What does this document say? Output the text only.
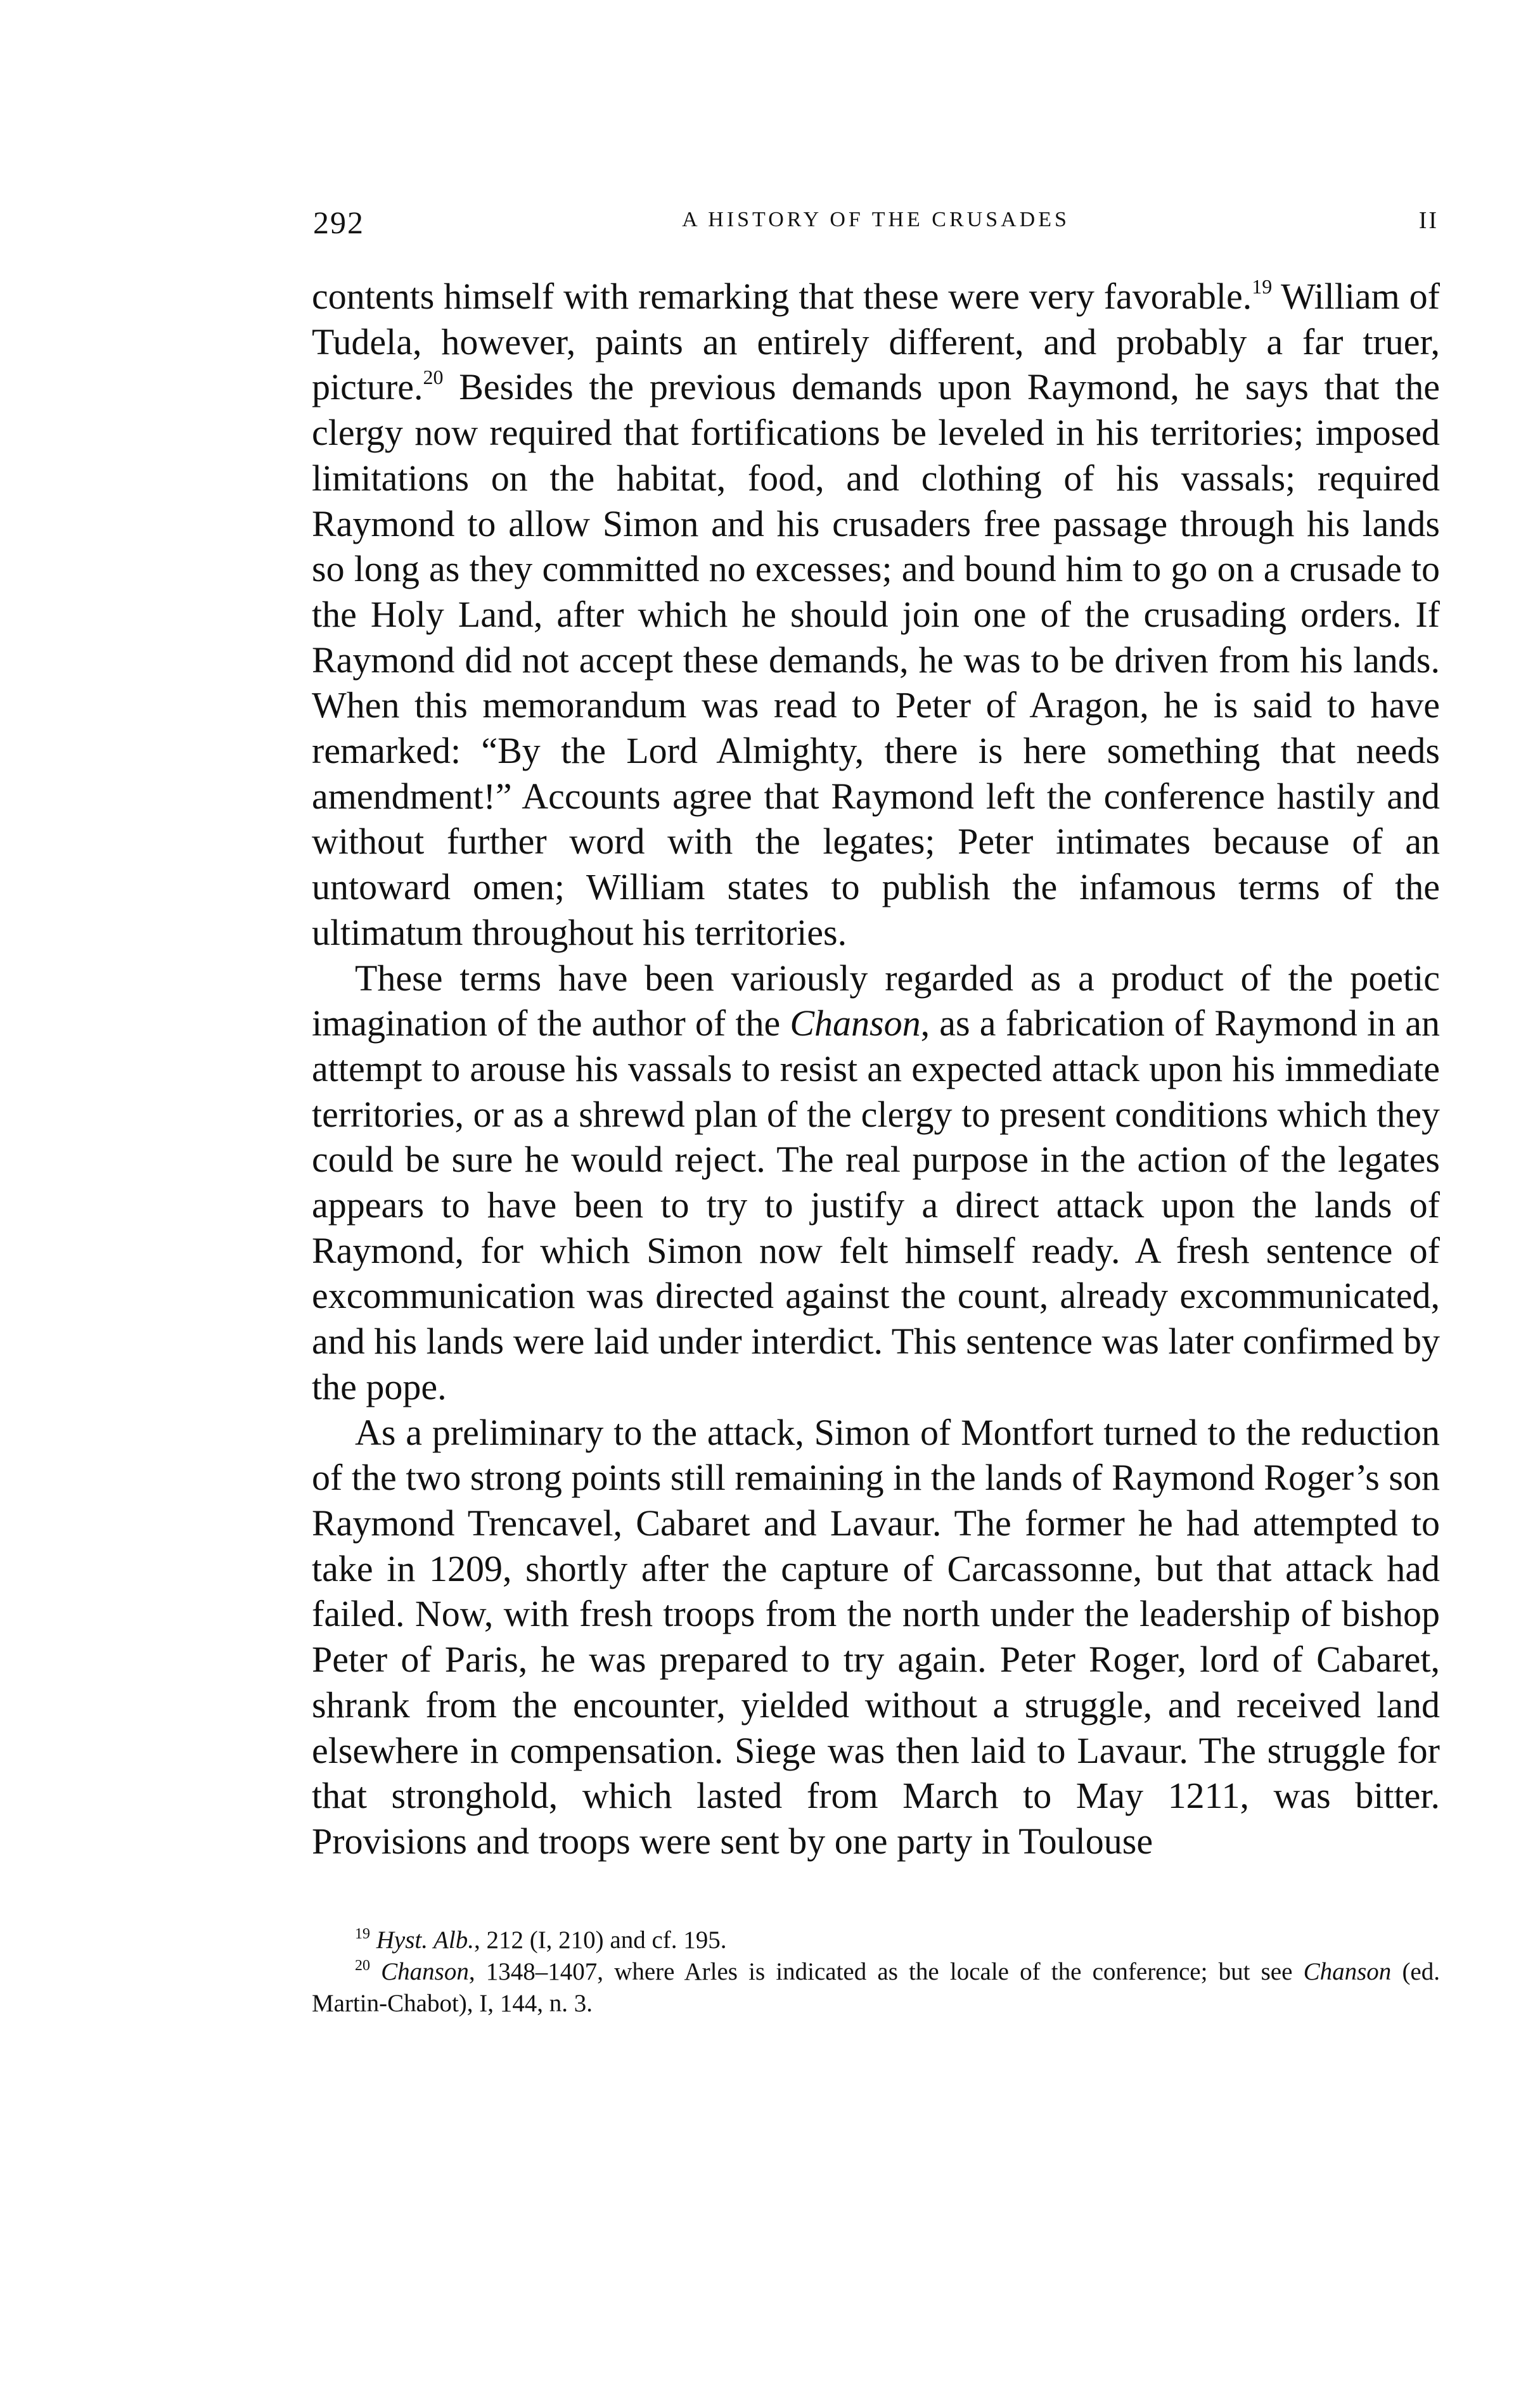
292	A HISTORY OF THE CRUSADES	II

contents himself with remarking that these were very favorable.$^{19}$ William of Tudela, however, paints an entirely different, and probably a far truer, picture.$^{20}$ Besides the previous demands upon Raymond, he says that the clergy now required that fortifications be leveled in his territories; imposed limitations on the habitat, food, and clothing of his vassals; required Raymond to allow Simon and his crusaders free passage through his lands so long as they committed no excesses; and bound him to go on a crusade to the Holy Land, after which he should join one of the crusading orders. If Raymond did not accept these demands, he was to be driven from his lands. When this memorandum was read to Peter of Aragon, he is said to have remarked: “By the Lord Almighty, there is here something that needs amendment!” Accounts agree that Raymond left the conference hastily and without further word with the legates; Peter intimates because of an untoward omen; William states to publish the infamous terms of the ultimatum throughout his territories.

These terms have been variously regarded as a product of the poetic imagination of the author of the Chanson, as a fabrication of Raymond in an attempt to arouse his vassals to resist an expected attack upon his immediate territories, or as a shrewd plan of the clergy to present conditions which they could be sure he would reject. The real purpose in the action of the legates appears to have been to try to justify a direct attack upon the lands of Raymond, for which Simon now felt himself ready. A fresh sentence of excommunication was directed against the count, already excommunicated, and his lands were laid under interdict. This sentence was later confirmed by the pope.

As a preliminary to the attack, Simon of Montfort turned to the reduction of the two strong points still remaining in the lands of Raymond Roger’s son Raymond Trencavel, Cabaret and Lavaur. The former he had attempted to take in 1209, shortly after the capture of Carcassonne, but that attack had failed. Now, with fresh troops from the north under the leadership of bishop Peter of Paris, he was prepared to try again. Peter Roger, lord of Cabaret, shrank from the encounter, yielded without a struggle, and received land elsewhere in compensation. Siege was then laid to Lavaur. The struggle for that stronghold, which lasted from March to May 1211, was bitter. Provisions and troops were sent by one party in Toulouse

$^{19}$ Hyst. Alb., 212 (I, 210) and cf. 195.

$^{20}$ Chanson, 1348–1407, where Arles is indicated as the locale of the conference; but see Chanson (ed. Martin-Chabot), I, 144, n. 3.
